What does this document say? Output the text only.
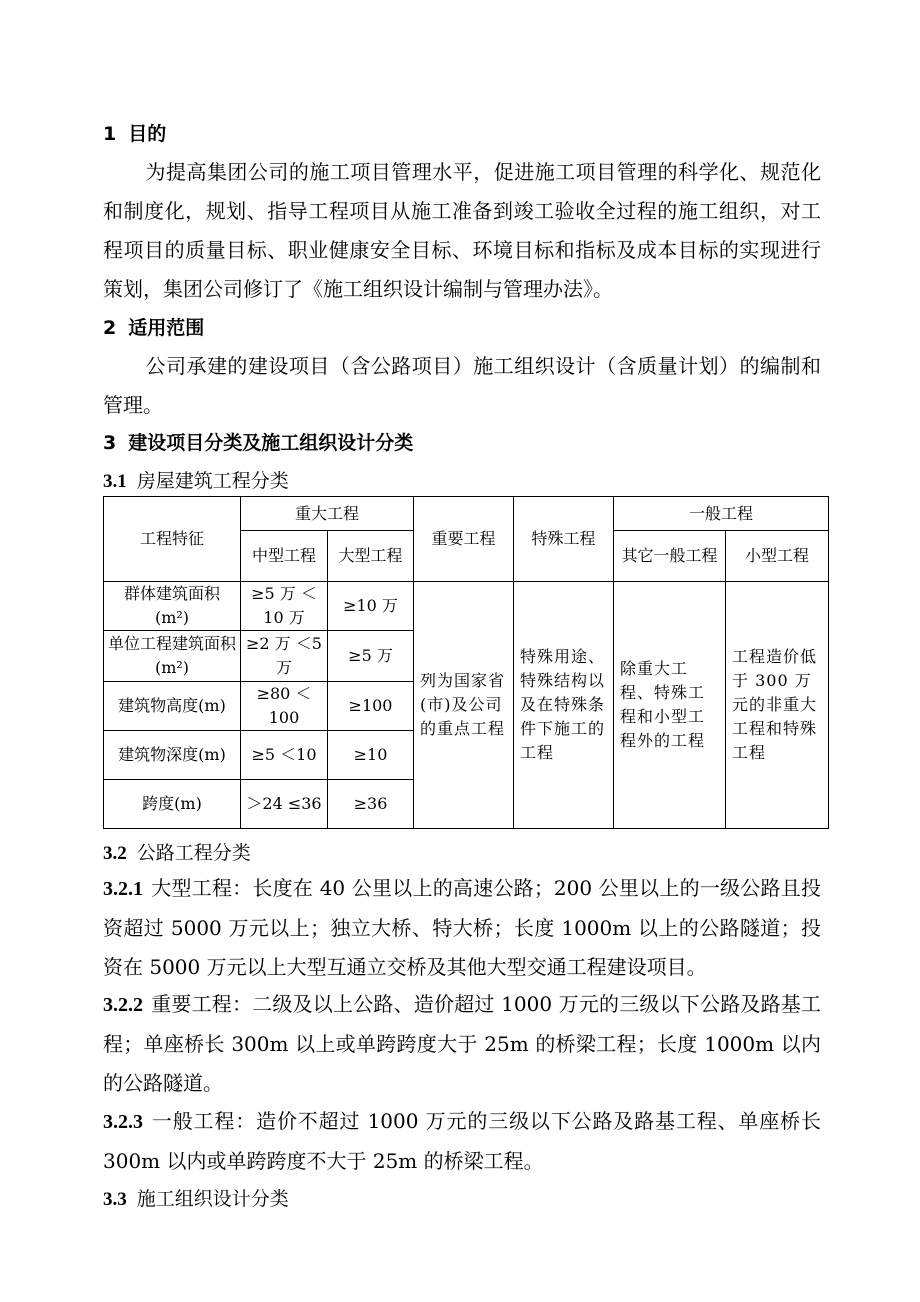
1 目的
为提高集团公司的施工项目管理水平，促进施工项目管理的科学化、规范化和制度化，规划、指导工程项目从施工准备到竣工验收全过程的施工组织，对工程项目的质量目标、职业健康安全目标、环境目标和指标及成本目标的实现进行策划，集团公司修订了《施工组织设计编制与管理办法》。
2 适用范围
公司承建的建设项目（含公路项目）施工组织设计（含质量计划）的编制和管理。
3 建设项目分类及施工组织设计分类
3.1 房屋建筑工程分类
工程特征	重大工程		重要工程	特殊工程	一般工程	
	中型工程	大型工程			其它一般工程	小型工程
群体建筑面积(m²)	≥5 万 ＜10 万	≥10 万	列为国家省(市)及公司的重点工程	特殊用途、特殊结构以及在特殊条件下施工的工程	除重大工程、特殊工程和小型工程外的工程	工程造价低于 300 万元的非重大工程和特殊工程
单位工程建筑面积(m²)	≥2 万 ＜5 万	≥5 万				
建筑物高度(m)	≥80 ＜100	≥100				
建筑物深度(m)	≥5 ＜10	≥10				
跨度(m)	＞24 ≤36	≥36				
3.2 公路工程分类
3.2.1 大型工程：长度在 40 公里以上的高速公路；200 公里以上的一级公路且投资超过 5000 万元以上；独立大桥、特大桥；长度 1000m 以上的公路隧道；投资在 5000 万元以上大型互通立交桥及其他大型交通工程建设项目。
3.2.2 重要工程：二级及以上公路、造价超过 1000 万元的三级以下公路及路基工程；单座桥长 300m 以上或单跨跨度大于 25m 的桥梁工程；长度 1000m 以内的公路隧道。
3.2.3 一般工程：造价不超过 1000 万元的三级以下公路及路基工程、单座桥长 300m 以内或单跨跨度不大于 25m 的桥梁工程。
3.3 施工组织设计分类
